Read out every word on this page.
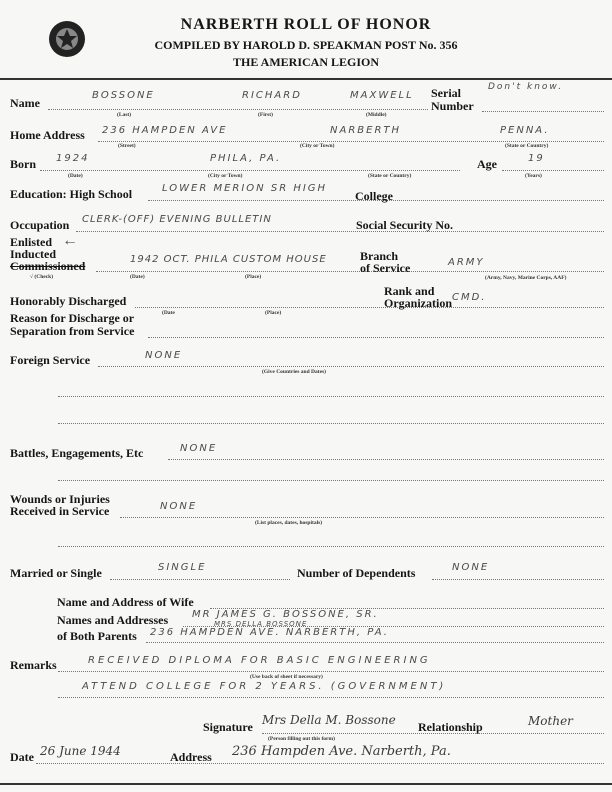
NARBERTH ROLL OF HONOR
COMPILED BY HAROLD D. SPEAKMAN POST No. 356
THE AMERICAN LEGION
Name
BOSSONE	RICHARD	MAXWELL
(Last)	(First)	(Middle)
Serial
Number
Don't know.
Home Address 236 HAMPDEN AVE	NARBERTH	PENNA.
(Street)	(City or Town)	(State or Country)
Born 1924	PHILA, PA.
(Date)	(City or Town)	(State or Country)
Age	19
(Years)
Education: High School	LOWER MERION SR HIGH
College
Occupation CLERK-(OFF) EVENING BULLETIN	Social Security No.
Enlisted ←
Inducted
Commissioned	1942 OCT. PHILA CUSTOM HOUSE
√ (Check)	(Date)	(Place)
Branch
of Service	ARMY
(Army, Navy, Marine Corps, AAF)
Honorably Discharged
(Date	(Place)
Rank and
Organization CMD.
Reason for Discharge or
Separation from Service
Foreign Service	NONE
(Give Countries and Dates)
Battles, Engagements, Etc	NONE
Wounds or Injuries
Received in Service	NONE
(List places, dates, hospitals)
Married or Single	SINGLE	Number of Dependents	NONE
Name and Address of Wife
Names and Addresses MR JAMES G. BOSSONE, SR.
of Both Parents
MRS DELLA BOSSONE
236 HAMPDEN AVE. NARBERTH, PA.
Remarks	RECEIVED DIPLOMA FOR BASIC ENGINEERING
(Use back of sheet if necessary)
ATTEND COLLEGE FOR 2 YEARS. (GOVERNMENT)
Signature Mrs Della M. Bossone
(Person filling out this form)
Relationship	Mother
Date 26 June 1944	Address 236 Hampden Ave. Narberth, Pa.
